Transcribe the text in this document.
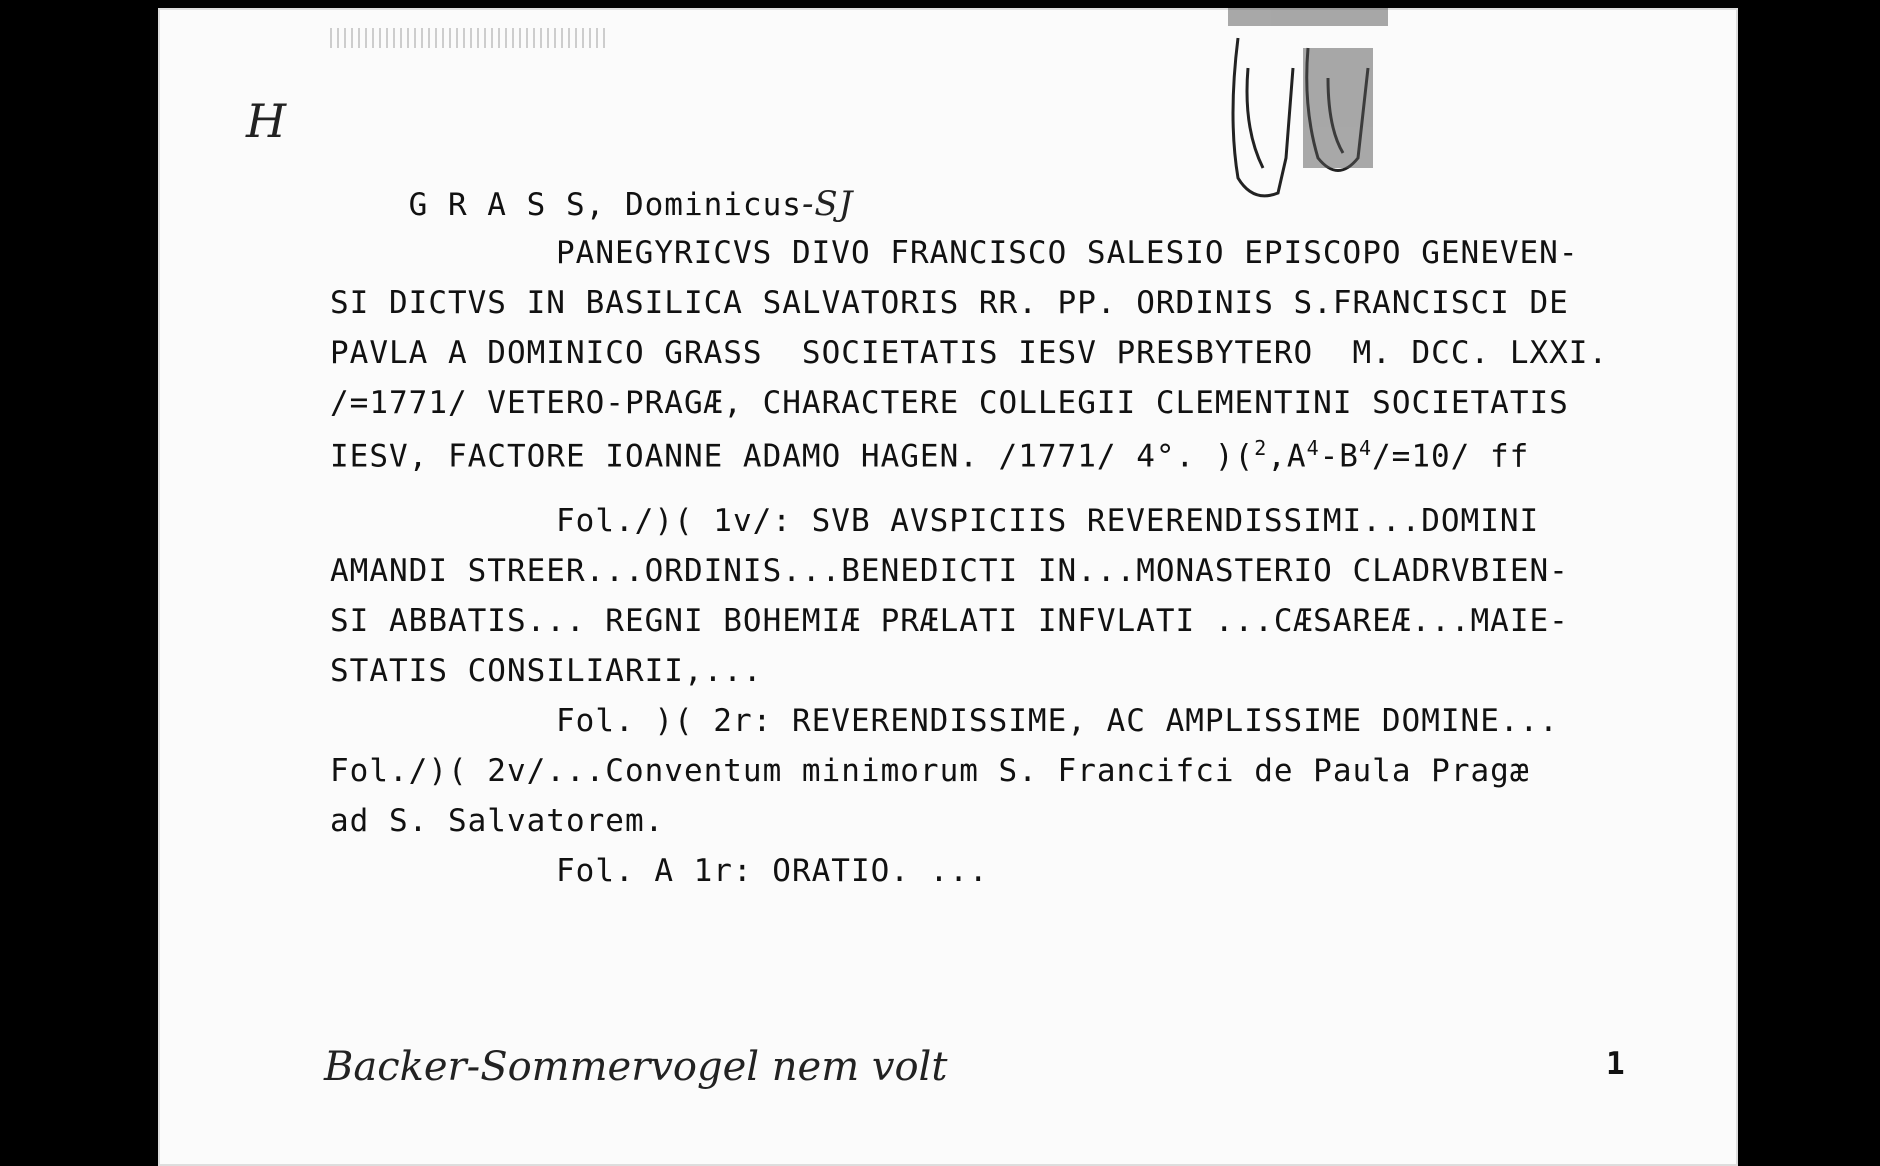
H

G R A S S, Dominicus-SJ

PANEGYRICVS DIVO FRANCISCO SALESIO EPISCOPO GENEVEN-
SI DICTVS IN BASILICA SALVATORIS RR. PP. ORDINIS S.FRANCISCI DE
PAVLA A DOMINICO GRASS  SOCIETATIS IESV PRESBYTERO  M. DCC. LXXI.
/=1771/ VETERO-PRAGÆ, CHARACTERE COLLEGII CLEMENTINI SOCIETATIS
IESV, FACTORE IOANNE ADAMO HAGEN. /1771/ 4°. )($^2,A^4-B^4/=10/$ ff
Fol./)( 1v/: SVB AVSPICIIS REVERENDISSIMI...DOMINI
AMANDI STREER...ORDINIS...BENEDICTI IN...MONASTERIO CLADRVBIEN-
SI ABBATIS... REGNI BOHEMIÆ PRÆLATI INFVLATI ...CÆSAREÆ...MAIE-
STATIS CONSILIARII,...
Fol. )( 2r: REVERENDISSIME, AC AMPLISSIME DOMINE...
Fol./)( 2v/...Conventum minimorum S. Francifci de Paula Pragæ
ad S. Salvatorem.
Fol. A 1r: ORATIO. ...
Backer-Sommervogel nem volt	1
